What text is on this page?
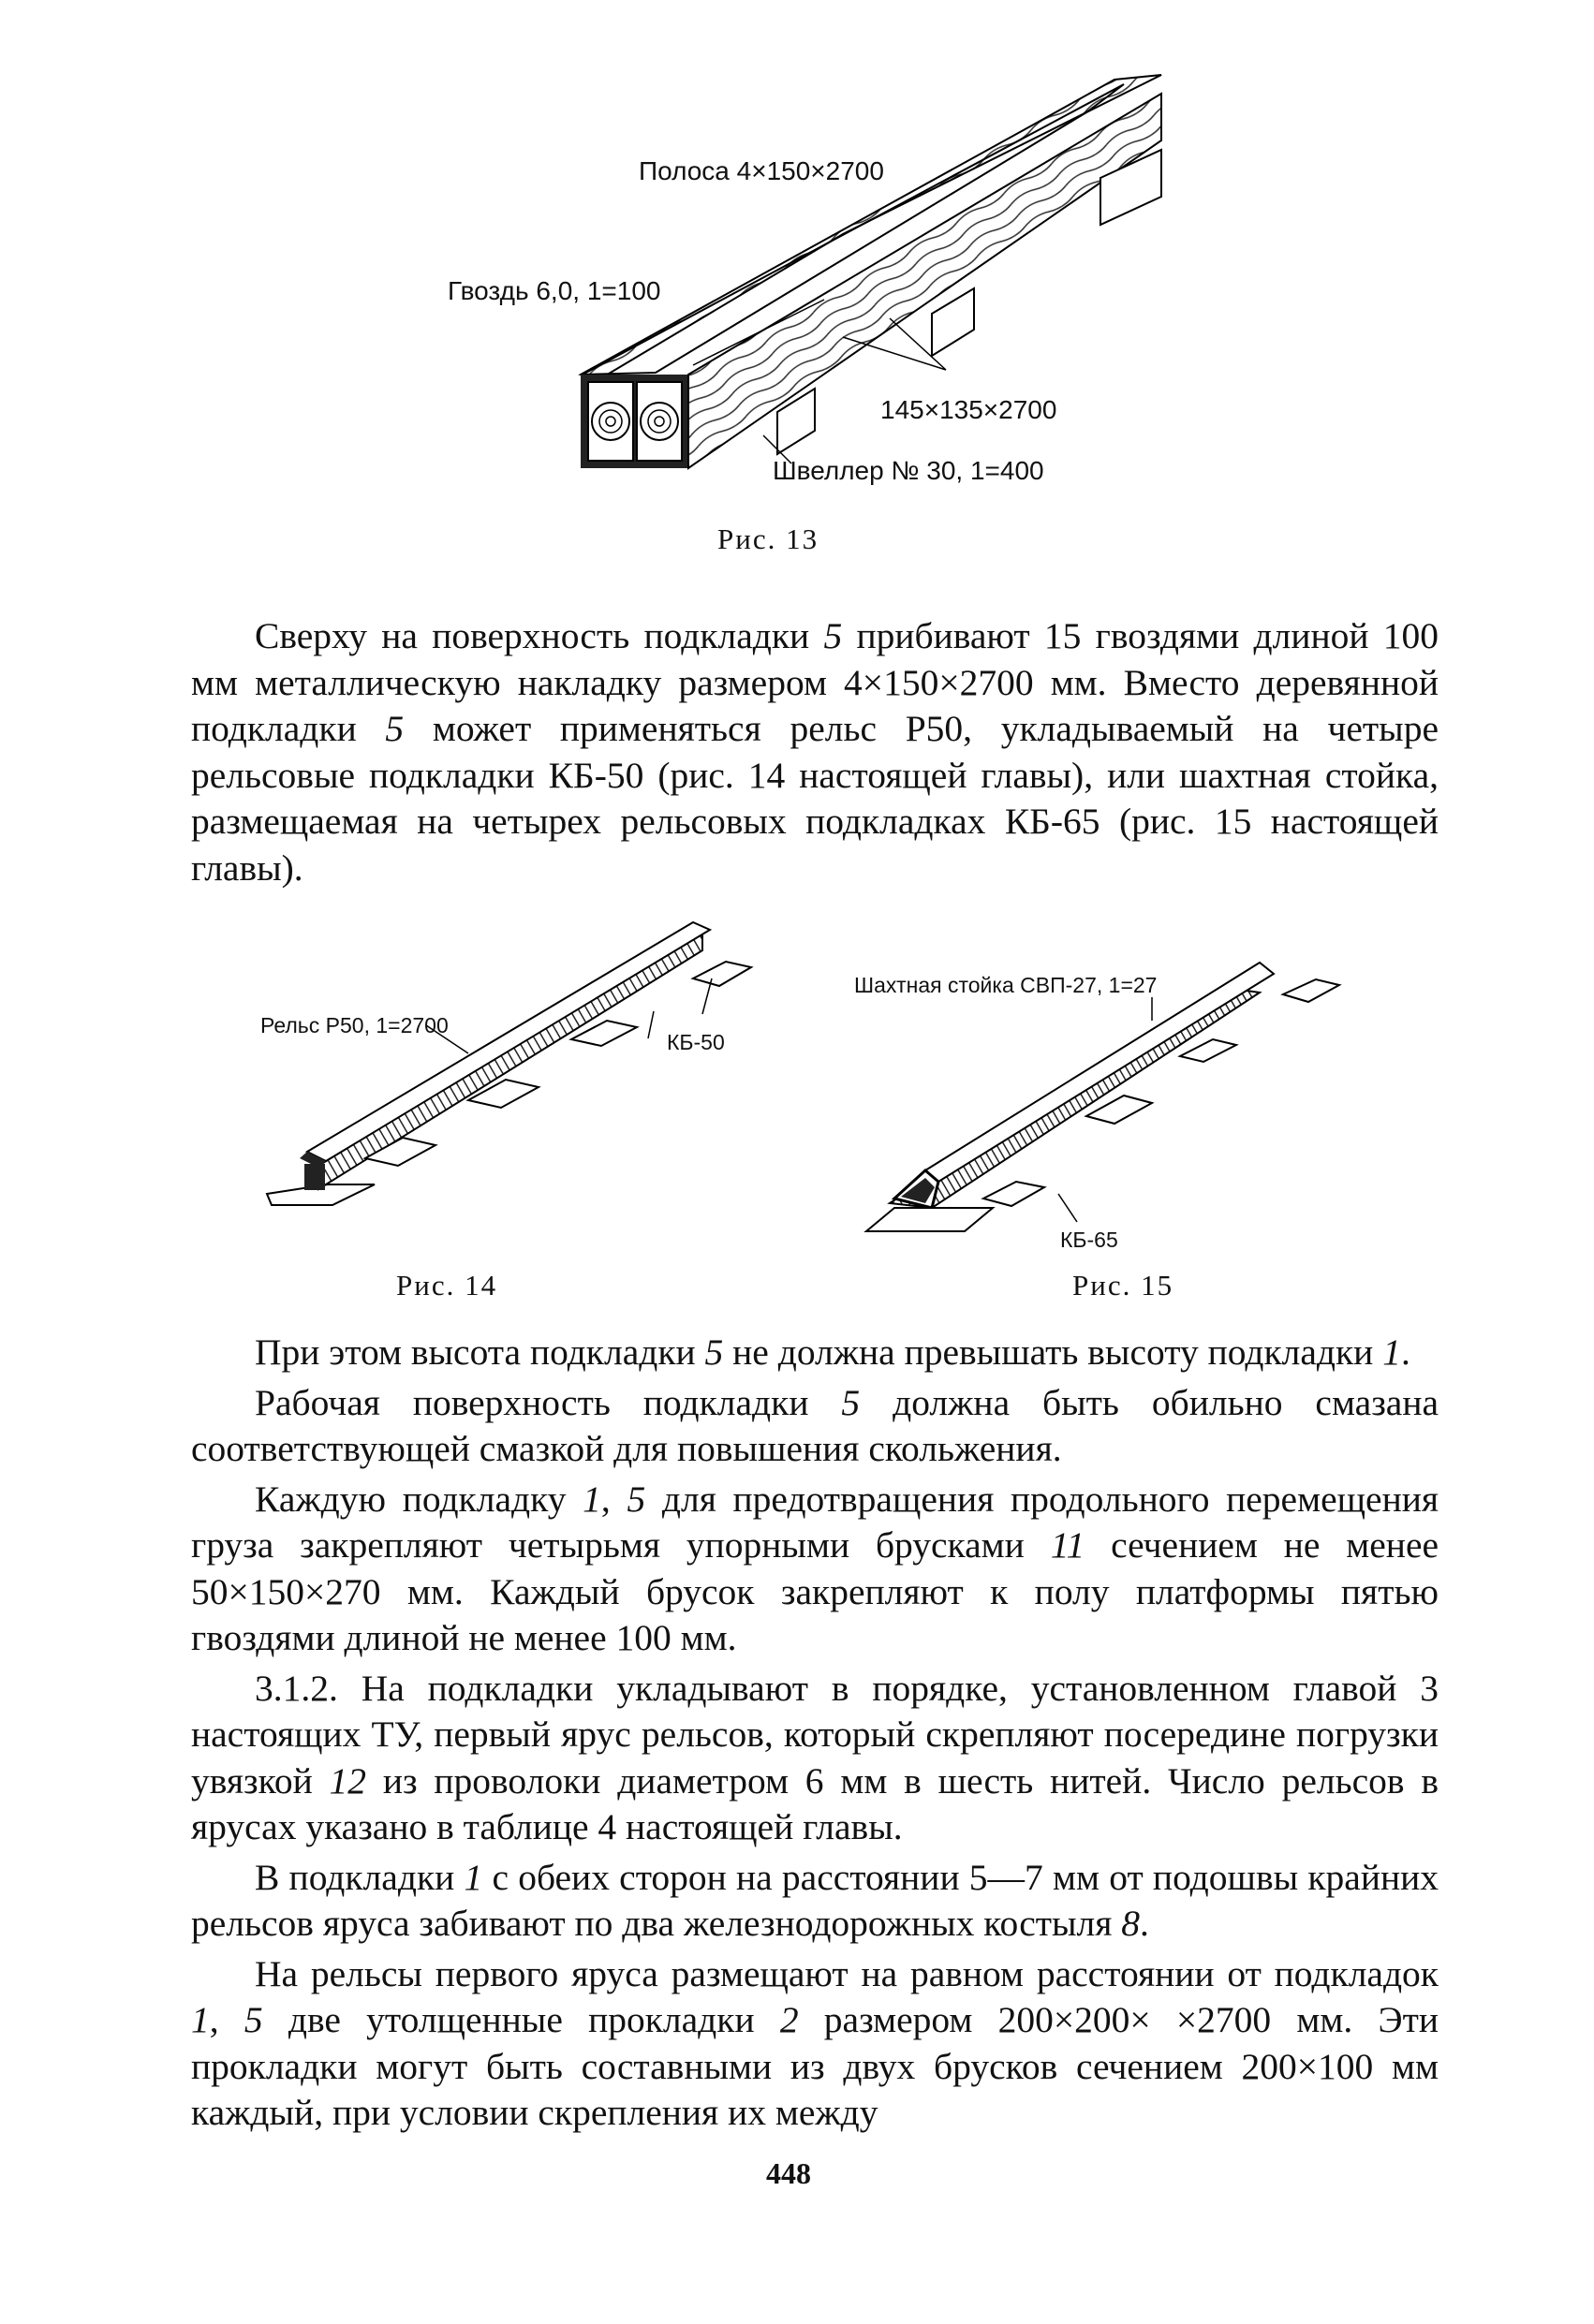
Полоса 4×150×2700
Гвоздь 6,0, 1=100
145×135×2700
Швеллер № 30, 1=400
Рис. 13
Рельс Р50, 1=2700
КБ-50
Рис. 14
Шахтная стойка СВП-27, 1=27
КБ-65
Рис. 15

Сверху на поверхность подкладки 5 прибивают 15 гвоздями длиной 100 мм металлическую накладку размером 4×150×2700 мм. Вместо деревянной подкладки 5 может применяться рельс Р50, укладываемый на четыре рельсовые подкладки КБ-50 (рис. 14 настоящей главы), или шахтная стойка, размещаемая на четырех рельсовых подкладках КБ-65 (рис. 15 настоящей главы).

При этом высота подкладки 5 не должна превышать высоту подкладки 1.

Рабочая поверхность подкладки 5 должна быть обильно смазана соответствующей смазкой для повышения скольжения.

Каждую подкладку 1, 5 для предотвращения продольного перемещения груза закрепляют четырьмя упорными брусками 11 сечением не менее 50×150×270 мм. Каждый брусок закрепляют к полу платформы пятью гвоздями длиной не менее 100 мм.

3.1.2. На подкладки укладывают в порядке, установленном главой 3 настоящих ТУ, первый ярус рельсов, который скрепляют посередине погрузки увязкой 12 из проволоки диаметром 6 мм в шесть нитей. Число рельсов в ярусах указано в таблице 4 настоящей главы.

В подкладки 1 с обеих сторон на расстоянии 5—7 мм от подошвы крайних рельсов яруса забивают по два железнодорожных костыля 8.

На рельсы первого яруса размещают на равном расстоянии от подкладок 1, 5 две утолщенные прокладки 2 размером 200×200× ×2700 мм. Эти прокладки могут быть составными из двух брусков сечением 200×100 мм каждый, при условии скрепления их между

448
